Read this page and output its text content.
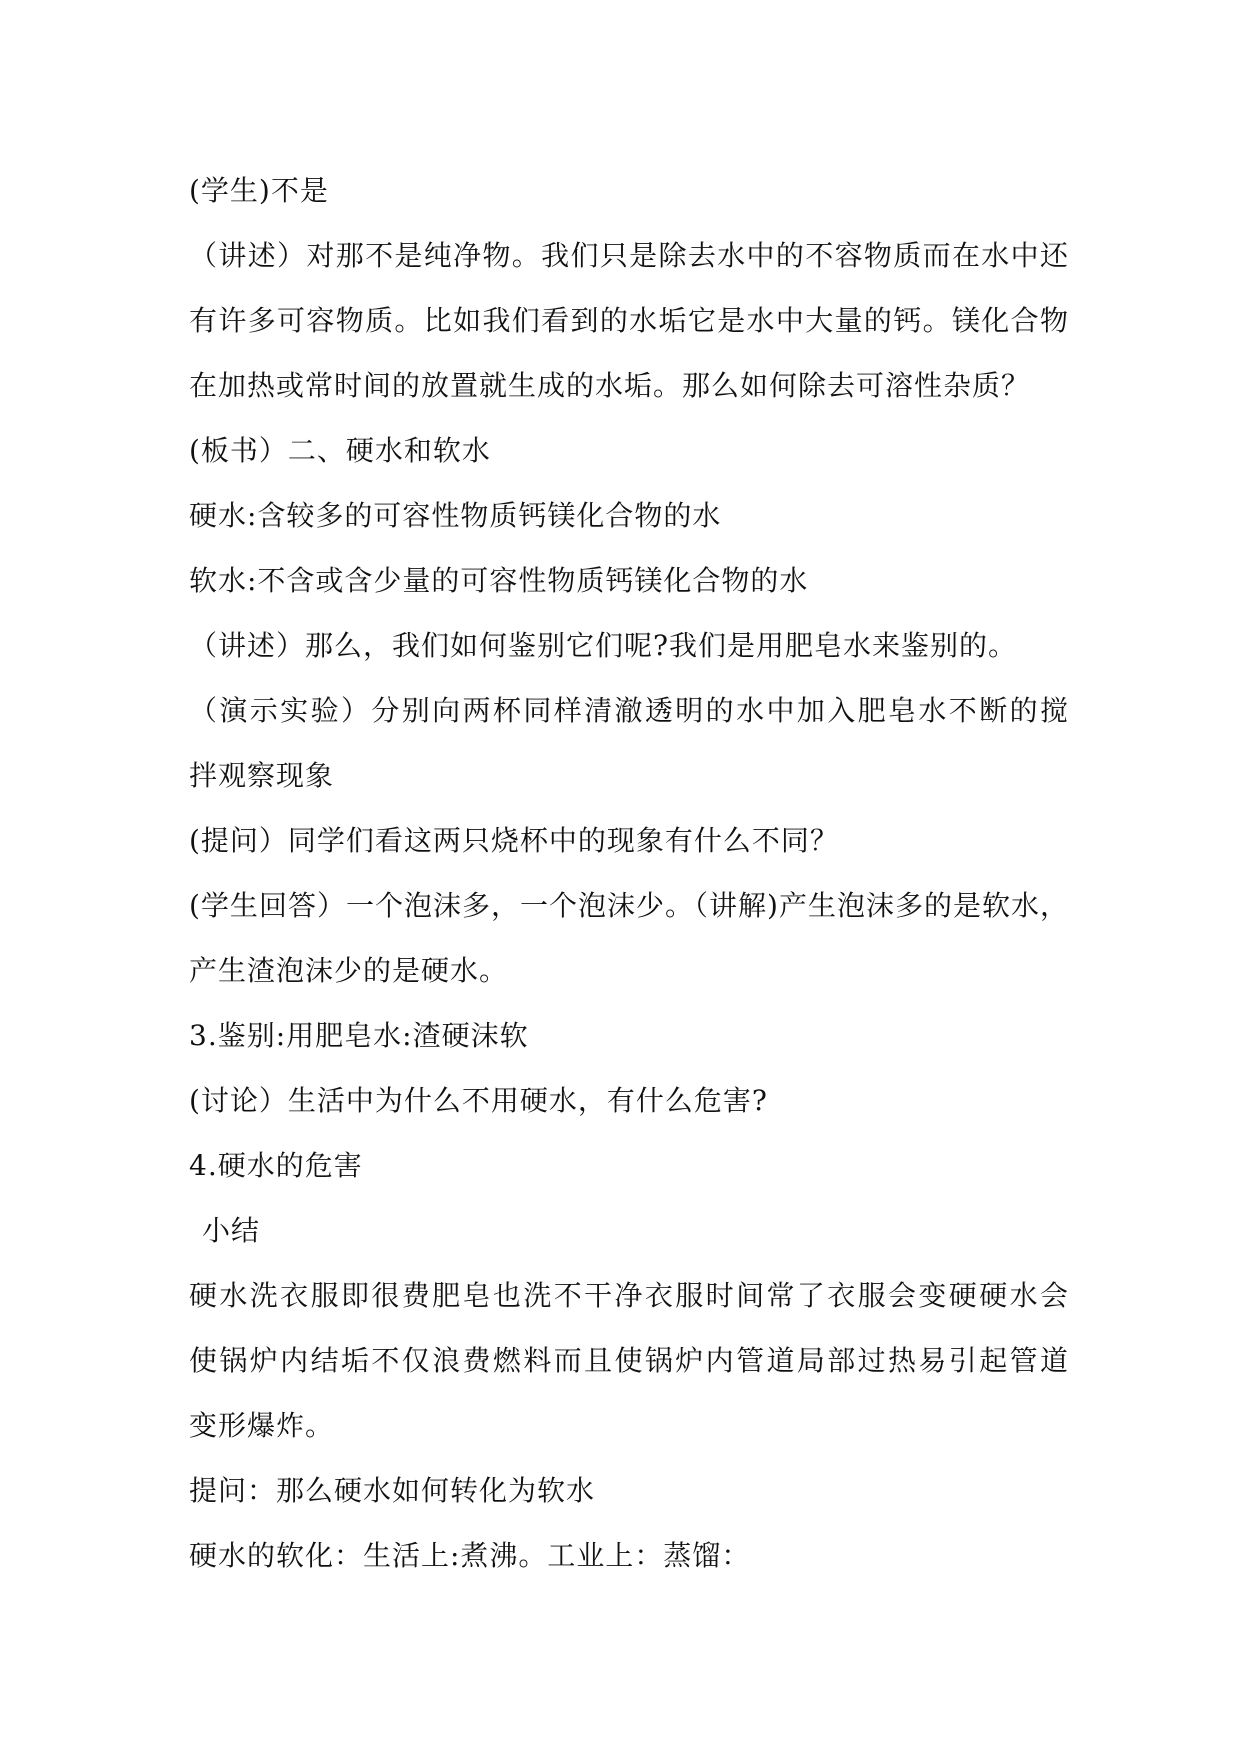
(学生)不是
（讲述）对那不是纯净物。我们只是除去水中的不容物质而在水中还
有许多可容物质。比如我们看到的水垢它是水中大量的钙。镁化合物
在加热或常时间的放置就生成的水垢。那么如何除去可溶性杂质？
(板书）二、硬水和软水
硬水:含较多的可容性物质钙镁化合物的水
软水:不含或含少量的可容性物质钙镁化合物的水
（讲述）那么，我们如何鉴别它们呢?我们是用肥皂水来鉴别的。
（演示实验）分别向两杯同样清澈透明的水中加入肥皂水不断的搅
拌观察现象
(提问）同学们看这两只烧杯中的现象有什么不同？
(学生回答）一个泡沫多，一个泡沫少。（讲解)产生泡沫多的是软水，
产生渣泡沫少的是硬水。
3.鉴别:用肥皂水:渣硬沫软
(讨论）生活中为什么不用硬水，有什么危害?
4.硬水的危害
小结
硬水洗衣服即很费肥皂也洗不干净衣服时间常了衣服会变硬硬水会
使锅炉内结垢不仅浪费燃料而且使锅炉内管道局部过热易引起管道
变形爆炸。
提问：那么硬水如何转化为软水
硬水的软化：生活上:煮沸。工业上：蒸馏：
